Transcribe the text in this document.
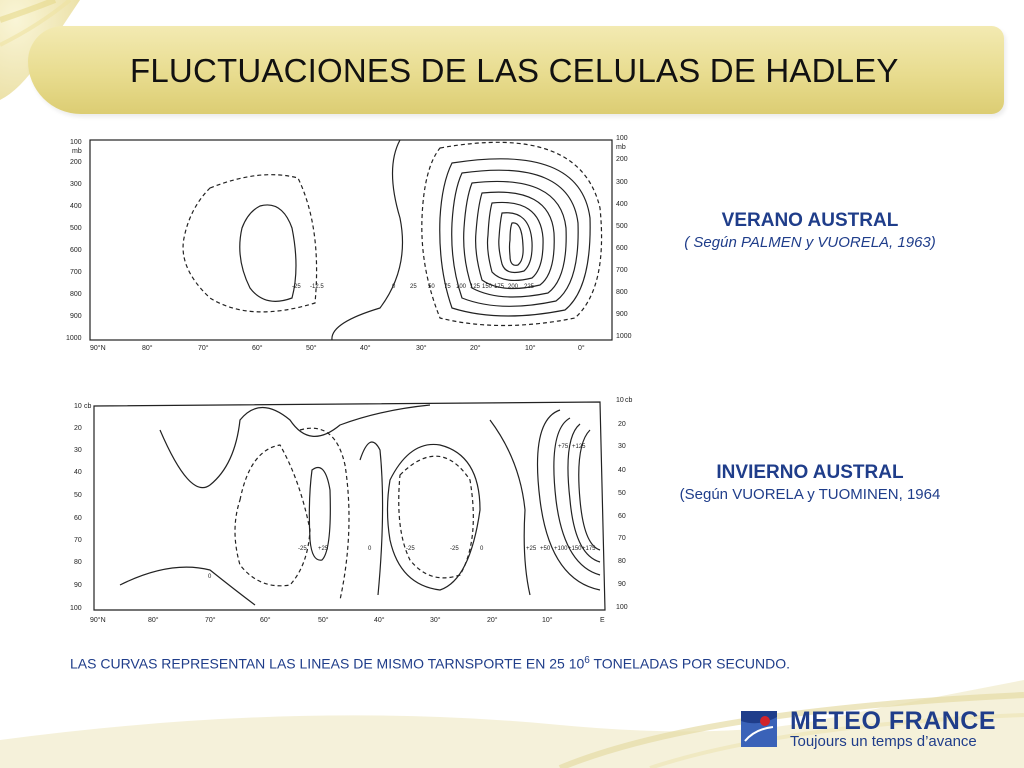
FLUCTUACIONES DE LAS CELULAS DE HADLEY
100
mb
200
300
400
500
600
700
800
900
1000
100
mb
200
300
400
500
600
700
800
900
1000
90°N	80°	70°	60°	50°	40°	30°	20°	10°	0°
-25 -12.5	0 25 50 75 100 125 150 175 200 225
VERANO AUSTRAL
( Según PALMEN y VUORELA, 1963)
10 cb
20
30
40
50
60
70
80
90
100
10 cb
20
30
40
50
60
70
80
90
100
90°N	80°	70°	60°	50°	40°	30°	20°	10°	E
-25 +25	0	-25	-25	0	+25 +50 +100 +150 +175
+75 +125
0
INVIERNO AUSTRAL
(Según VUORELA y TUOMINEN, 1964
LAS CURVAS REPRESENTAN LAS LINEAS DE MISMO TARNSPORTE EN 25 $10^6$ TONELADAS POR SECUNDO.
METEO FRANCE
Toujours un temps d’avance
